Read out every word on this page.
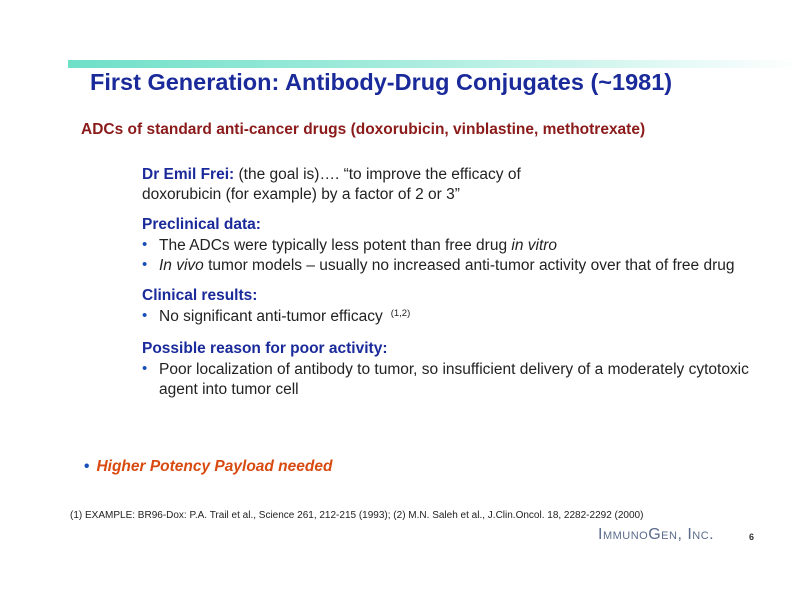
First Generation: Antibody-Drug Conjugates (~1981)
ADCs of standard anti-cancer drugs (doxorubicin, vinblastine, methotrexate)

Dr Emil Frei: (the goal is)…. “to improve the efficacy of
doxorubicin (for example) by a factor of 2 or 3”

Preclinical data:

• The ADCs were typically less potent than free drug in vitro

• In vivo tumor models – usually no increased anti-tumor activity over that of free drug

Clinical results:

• No significant anti-tumor efficacy $^{(1,2)}$

Possible reason for poor activity:

• Poor localization of antibody to tumor, so insufficient delivery of a moderately cytotoxic agent into tumor cell

• Higher Potency Payload needed
(1) EXAMPLE: BR96-Dox: P.A. Trail et al., Science 261, 212-215 (1993); (2) M.N. Saleh et al., J.Clin.Oncol. 18, 2282-2292 (2000)
ImmunoGen, Inc.	6
